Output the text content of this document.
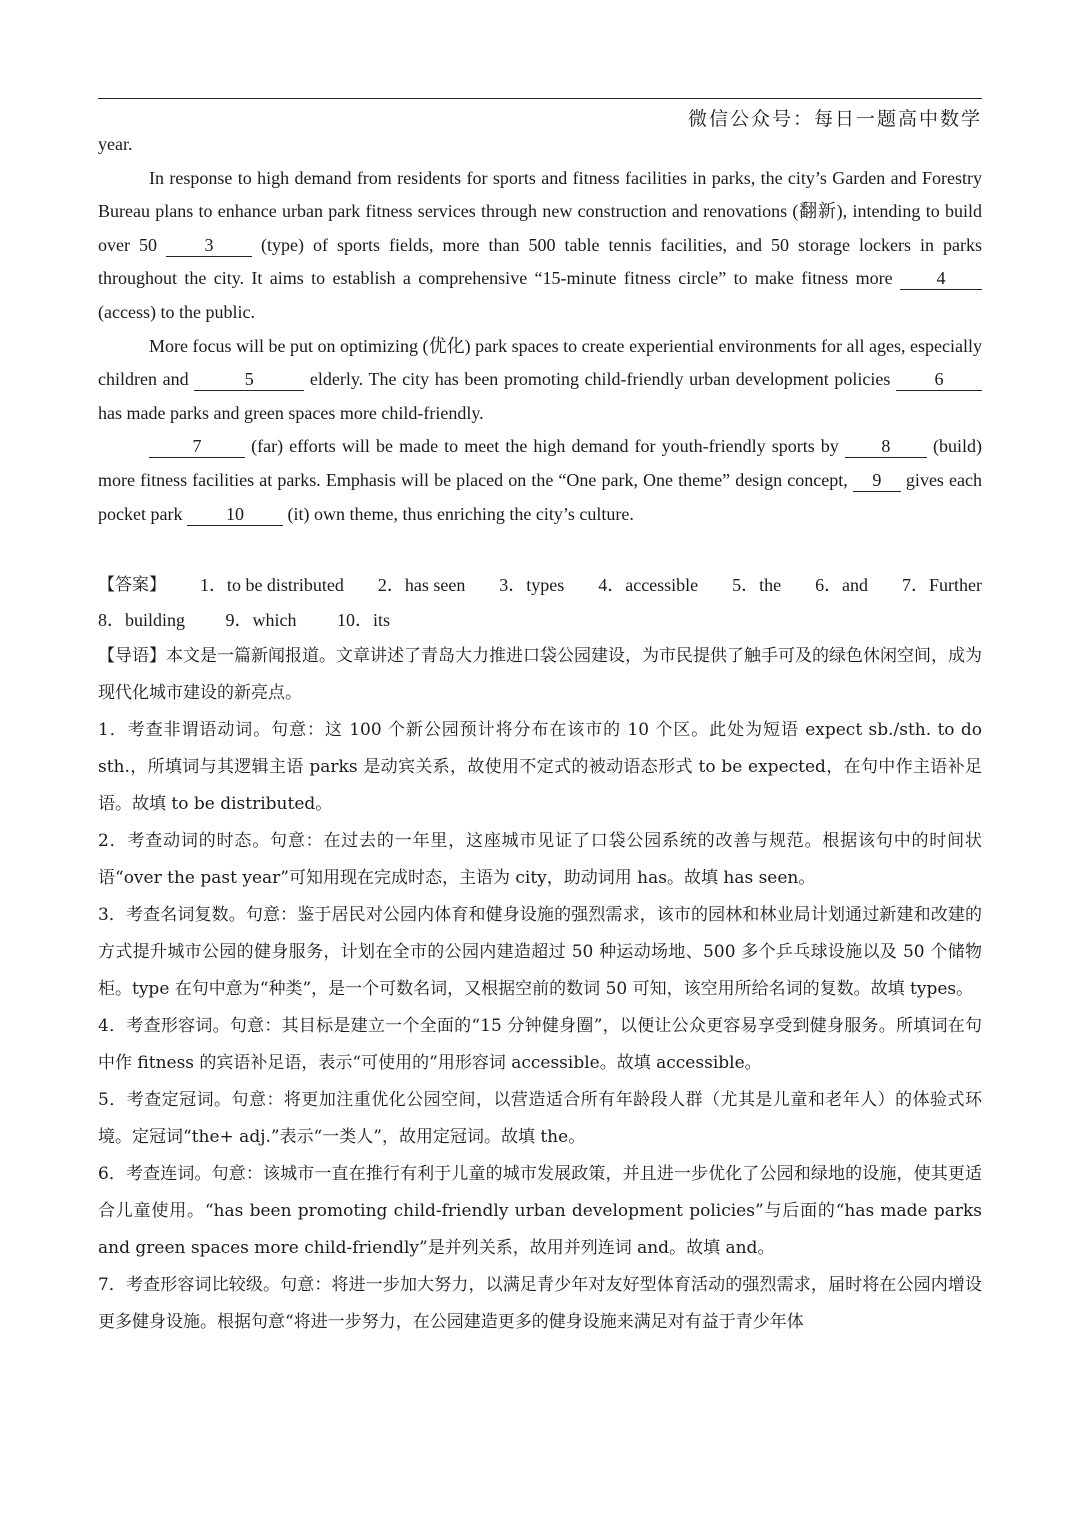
微信公众号：每日一题高中数学

year.

In response to high demand from residents for sports and fitness facilities in parks, the city’s Garden and Forestry Bureau plans to enhance urban park fitness services through new construction and renovations (翻新), intending to build over 50 3 (type) of sports fields, more than 500 table tennis facilities, and 50 storage lockers in parks throughout the city. It aims to establish a comprehensive “15-minute fitness circle” to make fitness more 4 (access) to the public.

More focus will be put on optimizing (优化) park spaces to create experiential environments for all ages, especially children and	5	elderly. The city has been promoting child-friendly urban development policies 6 has made parks and green spaces more child-friendly.

7 (far) efforts will be made to meet the high demand for youth-friendly sports by 8 (build) more fitness facilities at parks. Emphasis will be placed on the “One park, One theme” design concept, 9 gives each pocket park 10 (it) own theme, thus enriching the city’s culture.

【答案】 1．to be distributed 2．has seen 3．types 4．accessible 5．the 6．and 7．Further
8．building 9．which 10．its

【导语】本文是一篇新闻报道。文章讲述了青岛大力推进口袋公园建设，为市民提供了触手可及的绿色休闲空间，成为现代化城市建设的新亮点。

1．考查非谓语动词。句意：这 100 个新公园预计将分布在该市的 10 个区。此处为短语 expect sb./sth. to do sth.，所填词与其逻辑主语 parks 是动宾关系，故使用不定式的被动语态形式 to be expected，在句中作主语补足语。故填 to be distributed。

2．考查动词的时态。句意：在过去的一年里，这座城市见证了口袋公园系统的改善与规范。根据该句中的时间状语“over the past year”可知用现在完成时态，主语为 city，助动词用 has。故填 has seen。

3．考查名词复数。句意：鉴于居民对公园内体育和健身设施的强烈需求，该市的园林和林业局计划通过新建和改建的方式提升城市公园的健身服务，计划在全市的公园内建造超过 50 种运动场地、500 多个乒乓球设施以及 50 个储物柜。type 在句中意为“种类”，是一个可数名词，又根据空前的数词 50 可知，该空用所给名词的复数。故填 types。

4．考查形容词。句意：其目标是建立一个全面的“15 分钟健身圈”，以便让公众更容易享受到健身服务。所填词在句中作 fitness 的宾语补足语，表示“可使用的”用形容词 accessible。故填 accessible。

5．考查定冠词。句意：将更加注重优化公园空间，以营造适合所有年龄段人群（尤其是儿童和老年人）的体验式环境。定冠词“the+ adj.”表示“一类人”，故用定冠词。故填 the。

6．考查连词。句意：该城市一直在推行有利于儿童的城市发展政策，并且进一步优化了公园和绿地的设施，使其更适合儿童使用。“has been promoting child-friendly urban development policies”与后面的“has made parks and green spaces more child-friendly”是并列关系，故用并列连词 and。故填 and。

7．考查形容词比较级。句意：将进一步加大努力，以满足青少年对友好型体育活动的强烈需求，届时将在公园内增设更多健身设施。根据句意“将进一步努力，在公园建造更多的健身设施来满足对有益于青少年体
